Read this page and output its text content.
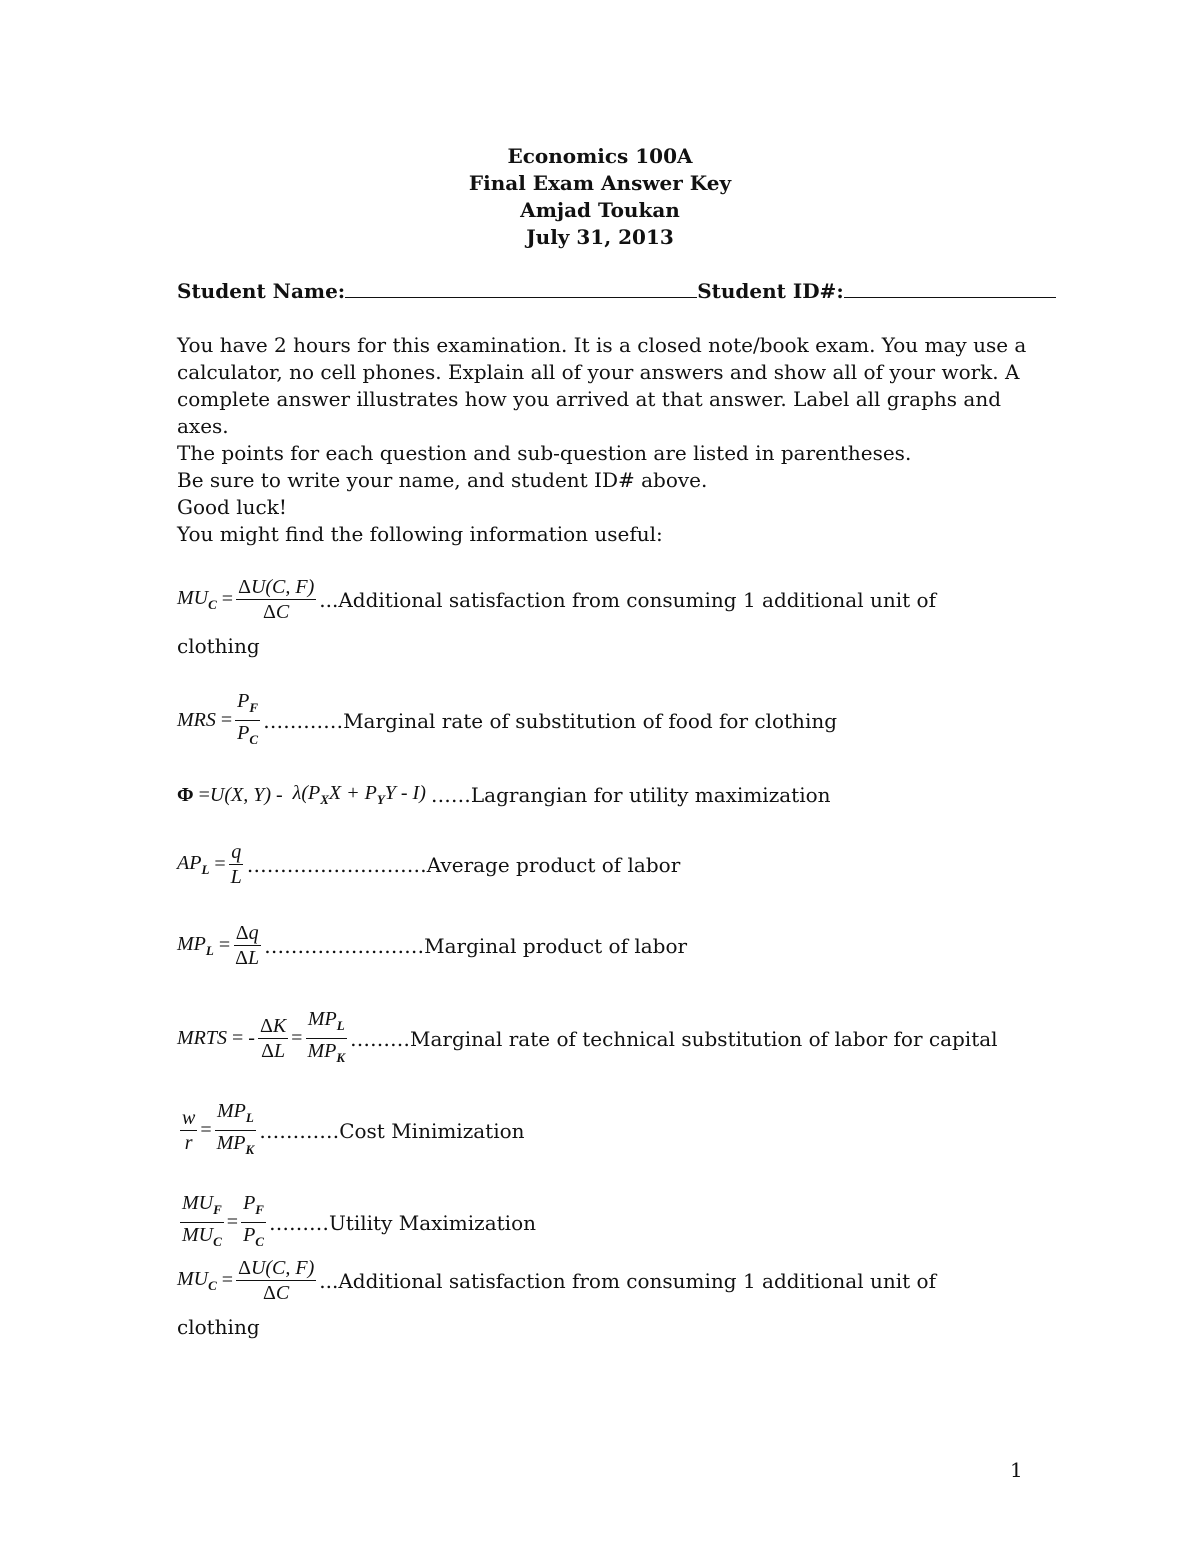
Economics 100A
Final Exam Answer Key
Amjad Toukan
July 31, 2013
Student Name:	Student ID#:

You have 2 hours for this examination. It is a closed note/book exam. You may use a calculator, no cell phones. Explain all of your answers and show all of your work. A complete answer illustrates how you arrived at that answer. Label all graphs and axes.

The points for each question and sub-question are listed in parentheses.

Be sure to write your name, and student ID# above.

Good luck!

You might find the following information useful:
$MU_C = \frac{\Delta U(C, F)}{\Delta C}$ ...Additional satisfaction from consuming 1 additional unit of
clothing
MRS = $\frac{P_F}{P_C}$ …………Marginal rate of substitution of food for clothing
Φ = U(X, $Y) - \lambda(P_XX + P_YY - I)$ ……Lagrangian for utility maximization
$AP_L = \frac{q}{L}$ ………………………Average product of labor
$MP_L = \frac{\Delta q}{\Delta L}$ ……………………Marginal product of labor
MRTS = - $\frac{\Delta K}{\Delta L} = \frac{MP_L}{MP_K}$ ………Marginal rate of technical substitution of labor for capital
$\frac{w}{r} = \frac{MP_L}{MP_K}$ …………Cost Minimization
$\frac{MU_F}{MU_C} = \frac{P_F}{P_C}$ ………Utility Maximization
$MU_C = \frac{\Delta U(C, F)}{\Delta C}$ ...Additional satisfaction from consuming 1 additional unit of
clothing
1
